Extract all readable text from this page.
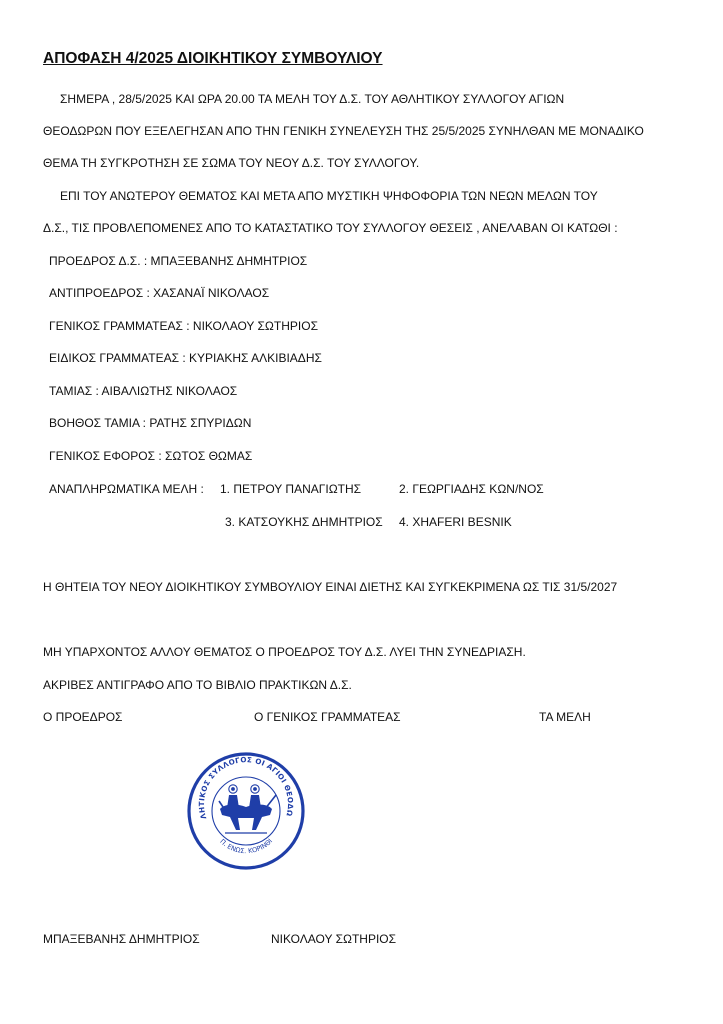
ΑΠΟΦΑΣΗ 4/2025 ΔΙΟΙΚΗΤΙΚΟΥ ΣΥΜΒΟΥΛΙΟΥ
ΣΗΜΕΡΑ , 28/5/2025 ΚΑΙ ΩΡΑ 20.00 ΤΑ ΜΕΛΗ ΤΟΥ Δ.Σ. ΤΟΥ ΑΘΛΗΤΙΚΟΥ ΣΥΛΛΟΓΟΥ ΑΓΙΩΝ
ΘΕΟΔΩΡΩΝ ΠΟΥ ΕΞΕΛΕΓΗΣΑΝ ΑΠΟ ΤΗΝ ΓΕΝΙΚΗ ΣΥΝΕΛΕΥΣΗ ΤΗΣ 25/5/2025 ΣΥΝΗΛΘΑΝ ΜΕ ΜΟΝΑΔΙΚΟ
ΘΕΜΑ ΤΗ ΣΥΓΚΡΟΤΗΣΗ ΣΕ ΣΩΜΑ ΤΟΥ ΝΕΟΥ Δ.Σ. ΤΟΥ ΣΥΛΛΟΓΟΥ.
ΕΠΙ ΤΟΥ ΑΝΩΤΕΡΟΥ ΘΕΜΑΤΟΣ ΚΑΙ ΜΕΤΑ ΑΠΟ ΜΥΣΤΙΚΗ ΨΗΦΟΦΟΡΙΑ ΤΩΝ ΝΕΩΝ ΜΕΛΩΝ ΤΟΥ
Δ.Σ., ΤΙΣ ΠΡΟΒΛΕΠΟΜΕΝΕΣ ΑΠΟ ΤΟ ΚΑΤΑΣΤΑΤΙΚΟ ΤΟΥ ΣΥΛΛΟΓΟΥ ΘΕΣΕΙΣ , ΑΝΕΛΑΒΑΝ ΟΙ ΚΑΤΩΘΙ :
ΠΡΟΕΔΡΟΣ Δ.Σ. : ΜΠΑΞΕΒΑΝΗΣ ΔΗΜΗΤΡΙΟΣ
ΑΝΤΙΠΡΟΕΔΡΟΣ : ΧΑΣΑΝΑΪ ΝΙΚΟΛΑΟΣ
ΓΕΝΙΚΟΣ ΓΡΑΜΜΑΤΕΑΣ : ΝΙΚΟΛΑΟΥ ΣΩΤΗΡΙΟΣ
ΕΙΔΙΚΟΣ ΓΡΑΜΜΑΤΕΑΣ : ΚΥΡΙΑΚΗΣ ΑΛΚΙΒΙΑΔΗΣ
ΤΑΜΙΑΣ : ΑΙΒΑΛΙΩΤΗΣ ΝΙΚΟΛΑΟΣ
ΒΟΗΘΟΣ ΤΑΜΙΑ : ΡΑΤΗΣ ΣΠΥΡΙΔΩΝ
ΓΕΝΙΚΟΣ ΕΦΟΡΟΣ : ΣΩΤΟΣ ΘΩΜΑΣ
ΑΝΑΠΛΗΡΩΜΑΤΙΚΑ ΜΕΛΗ : 1. ΠΕΤΡΟΥ ΠΑΝΑΓΙΩΤΗΣ	2. ΓΕΩΡΓΙΑΔΗΣ ΚΩΝ/ΝΟΣ
3. ΚΑΤΣΟΥΚΗΣ ΔΗΜΗΤΡΙΟΣ 4. XHAFERI BESNIK
Η ΘΗΤΕΙΑ ΤΟΥ ΝΕΟΥ ΔΙΟΙΚΗΤΙΚΟΥ ΣΥΜΒΟΥΛΙΟΥ ΕΙΝΑΙ ΔΙΕΤΗΣ ΚΑΙ ΣΥΓΚΕΚΡΙΜΕΝΑ ΩΣ ΤΙΣ 31/5/2027
ΜΗ ΥΠΑΡΧΟΝΤΟΣ ΑΛΛΟΥ ΘΕΜΑΤΟΣ Ο ΠΡΟΕΔΡΟΣ ΤΟΥ Δ.Σ. ΛΥΕΙ ΤΗΝ ΣΥΝΕΔΡΙΑΣΗ.
ΑΚΡΙΒΕΣ ΑΝΤΙΓΡΑΦΟ ΑΠΟ ΤΟ ΒΙΒΛΙΟ ΠΡΑΚΤΙΚΩΝ Δ.Σ.
Ο ΠΡΟΕΔΡΟΣ	Ο ΓΕΝΙΚΟΣ ΓΡΑΜΜΑΤΕΑΣ	ΤΑ ΜΕΛΗ
ΛΗΤΙΚΟΣ ΣΥΛΛΟΓΟΣ ΟΙ ΑΓΙΟΙ ΘΕΟΔΩ
Π. ΕΝΩΣ. ΚΟΡΙΝΘΙ
ΜΠΑΞΕΒΑΝΗΣ ΔΗΜΗΤΡΙΟΣ	ΝΙΚΟΛΑΟΥ ΣΩΤΗΡΙΟΣ
